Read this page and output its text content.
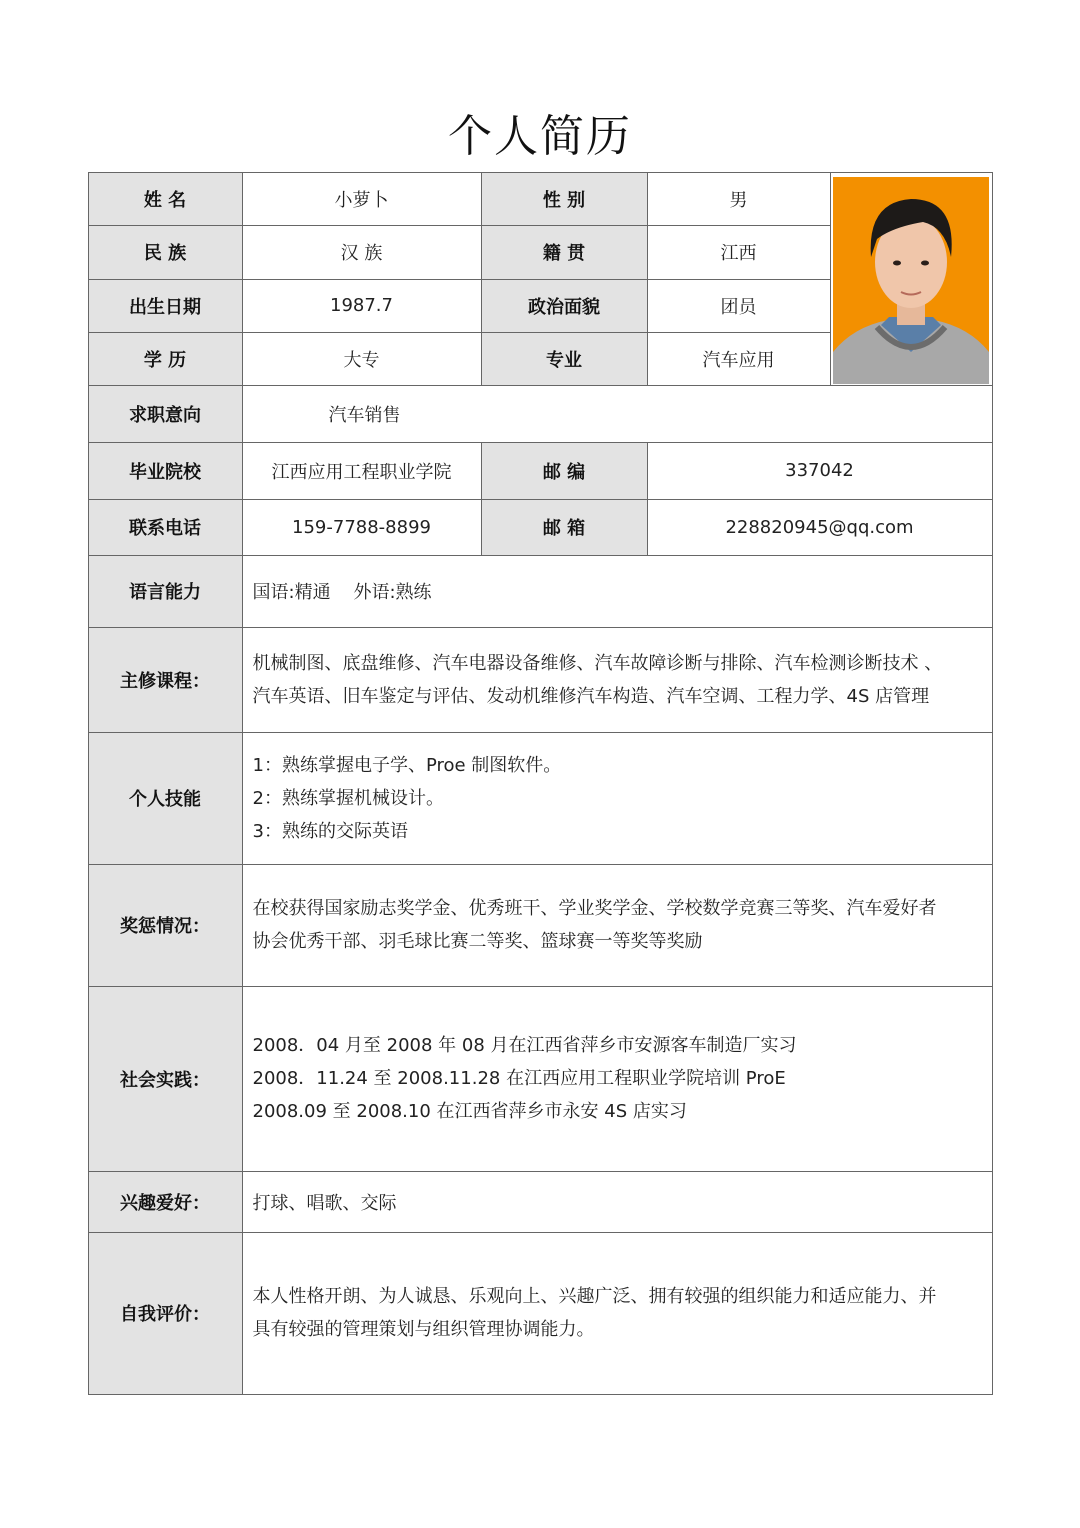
个人简历
姓 名	小萝卜	性 别	男
民 族	汉 族	籍 贯	江西
出生日期	1987.7	政治面貌	团员
学 历	大专	专业	汽车应用
求职意向	汽车销售
毕业院校	江西应用工程职业学院	邮 编	337042
联系电话	159-7788-8899	邮 箱	228820945@qq.com
语言能力	国语:精通    外语:熟练
主修课程：
机械制图、底盘维修、汽车电器设备维修、汽车故障诊断与排除、汽车检测诊断技术 、
汽车英语、旧车鉴定与评估、发动机维修汽车构造、汽车空调、工程力学、4S 店管理
个人技能
1：熟练掌握电子学、Proe 制图软件。
2：熟练掌握机械设计。
3：熟练的交际英语
奖惩情况：
在校获得国家励志奖学金、优秀班干、学业奖学金、学校数学竞赛三等奖、汽车爱好者
协会优秀干部、羽毛球比赛二等奖、篮球赛一等奖等奖励
社会实践：
2008．04 月至 2008 年 08 月在江西省萍乡市安源客车制造厂实习
2008．11.24 至 2008.11.28 在江西应用工程职业学院培训 ProE
2008.09 至 2008.10 在江西省萍乡市永安 4S 店实习
兴趣爱好：	打球、唱歌、交际
自我评价：
本人性格开朗、为人诚恳、乐观向上、兴趣广泛、拥有较强的组织能力和适应能力、并
具有较强的管理策划与组织管理协调能力。
